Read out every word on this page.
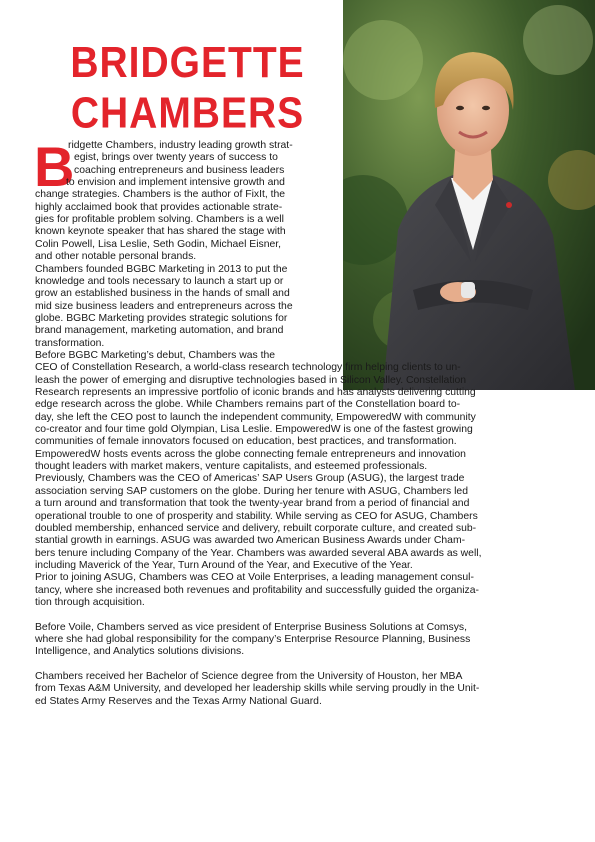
BRIDGETTE
CHAMBERS
B
ridgette Chambers, industry leading growth strat-
egist, brings over twenty years of success to
coaching entrepreneurs and business leaders
to envision and implement intensive growth and
change strategies. Chambers is the author of FixIt, the
highly acclaimed book that provides actionable strate-
gies for profitable problem solving. Chambers is a well
known keynote speaker that has shared the stage with
Colin Powell, Lisa Leslie, Seth Godin, Michael Eisner,
and other notable personal brands.
Chambers founded BGBC Marketing in 2013 to put the
knowledge and tools necessary to launch a start up or
grow an established business in the hands of small and
mid size business leaders and entrepreneurs across the
globe. BGBC Marketing provides strategic solutions for
brand management, marketing automation, and brand
transformation.
Before BGBC Marketing’s debut, Chambers was the
CEO of Constellation Research, a world-class research technology firm helping clients to un-
leash the power of emerging and disruptive technologies based in Silicon Valley. Constellation
Research represents an impressive portfolio of iconic brands and has analysts delivering cutting
edge research across the globe. While Chambers remains part of the Constellation board to-
day, she left the CEO post to launch the independent community, EmpoweredW with community
co-creator and four time gold Olympian, Lisa Leslie. EmpoweredW is one of the fastest growing
communities of female innovators focused on education, best practices, and transformation.
EmpoweredW hosts events across the globe connecting female entrepreneurs and innovation
thought leaders with market makers, venture capitalists, and esteemed professionals.
Previously, Chambers was the CEO of Americas’ SAP Users Group (ASUG), the largest trade
association serving SAP customers on the globe. During her tenure with ASUG, Chambers led
a turn around and transformation that took the twenty-year brand from a period of financial and
operational trouble to one of prosperity and stability. While serving as CEO for ASUG, Chambers
doubled membership, enhanced service and delivery, rebuilt corporate culture, and created sub-
stantial growth in earnings. ASUG was awarded two American Business Awards under Cham-
bers tenure including Company of the Year. Chambers was awarded several ABA awards as well,
including Maverick of the Year, Turn Around of the Year, and Executive of the Year.
Prior to joining ASUG, Chambers was CEO at Voile Enterprises, a leading management consul-
tancy, where she increased both revenues and profitability and successfully guided the organiza-
tion through acquisition.
Before Voile, Chambers served as vice president of Enterprise Business Solutions at Comsys,
where she had global responsibility for the company’s Enterprise Resource Planning, Business
Intelligence, and Analytics solutions divisions.
Chambers received her Bachelor of Science degree from the University of Houston, her MBA
from Texas A&M University, and developed her leadership skills while serving proudly in the Unit-
ed States Army Reserves and the Texas Army National Guard.
